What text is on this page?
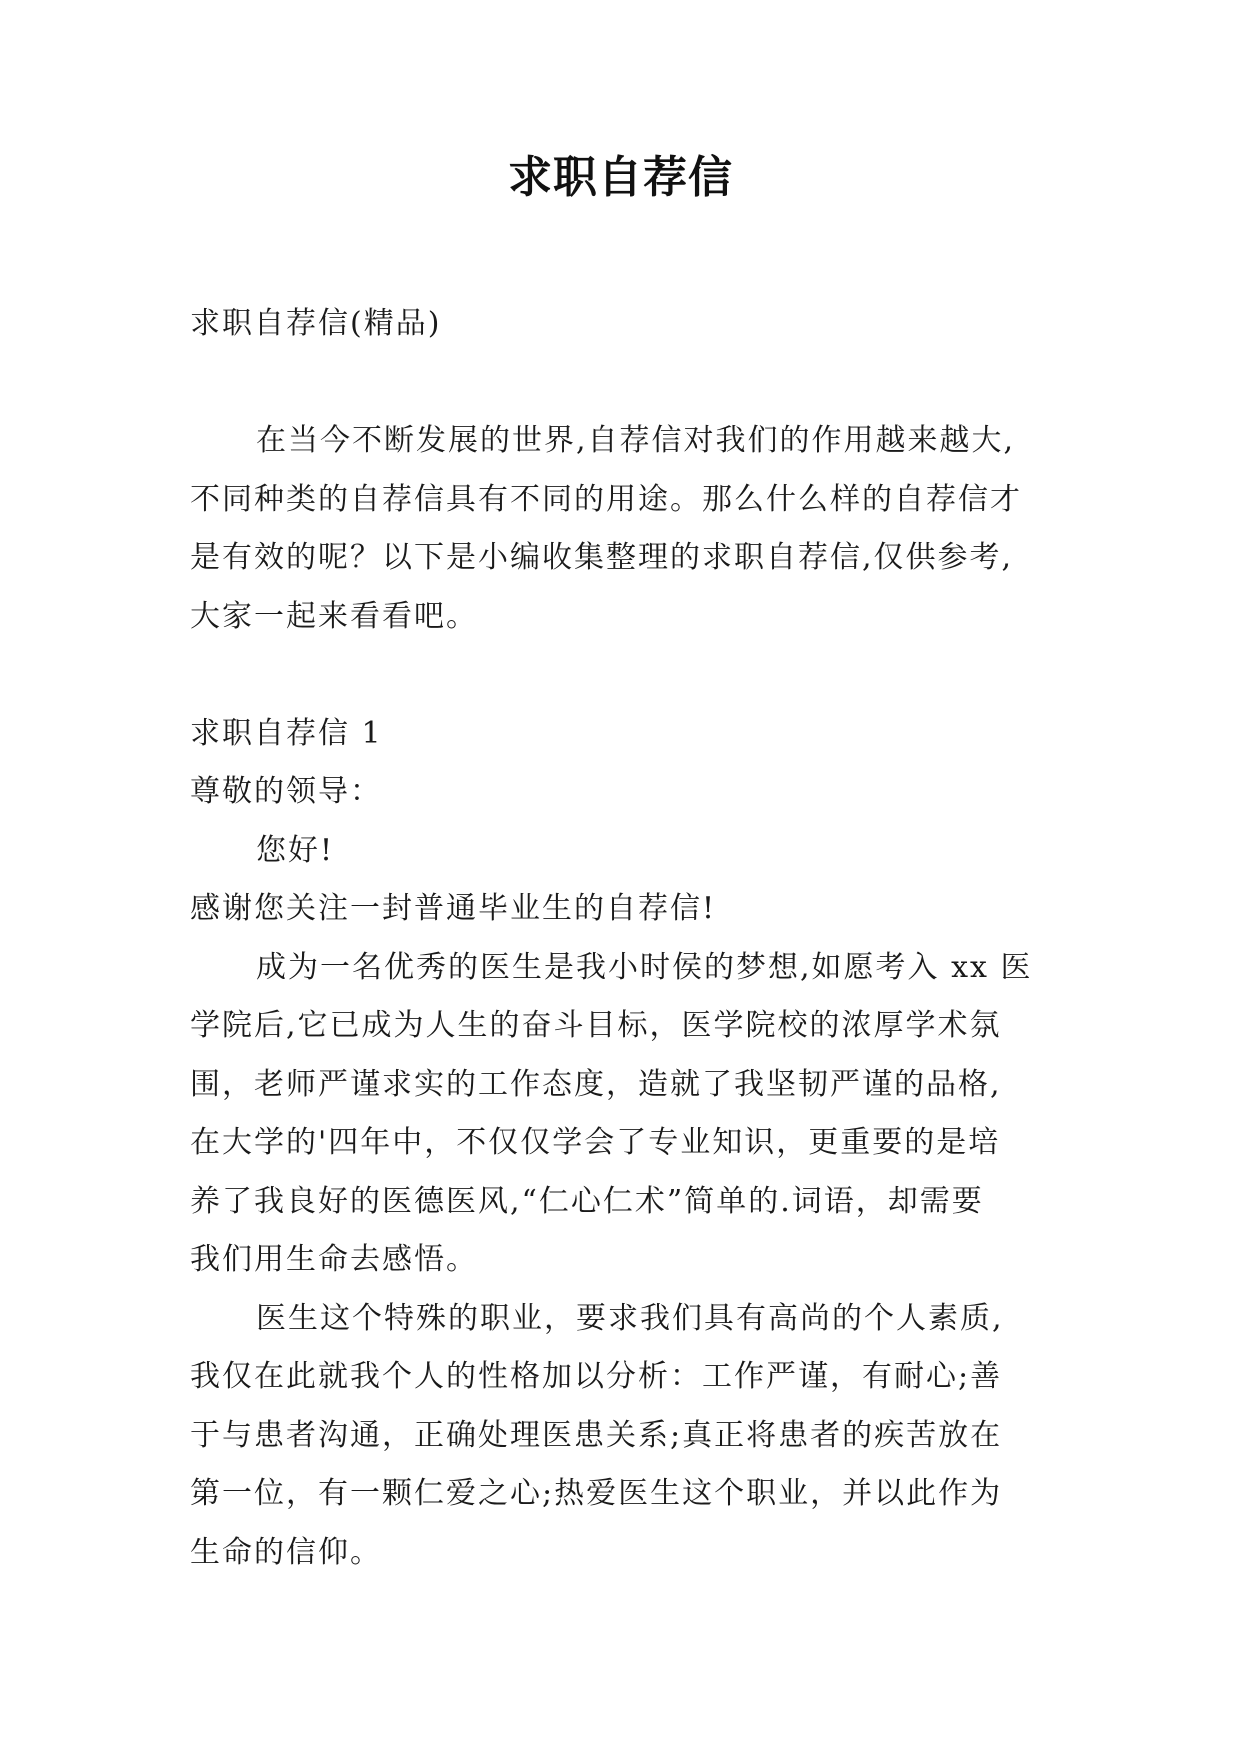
求职自荐信
求职自荐信(精品)
在当今不断发展的世界,自荐信对我们的作用越来越大,
不同种类的自荐信具有不同的用途。那么什么样的自荐信才
是有效的呢？以下是小编收集整理的求职自荐信,仅供参考,
大家一起来看看吧。
求职自荐信 1
尊敬的领导：
您好!
感谢您关注一封普通毕业生的自荐信!
成为一名优秀的医生是我小时侯的梦想,如愿考入 xx 医
学院后,它已成为人生的奋斗目标，医学院校的浓厚学术氛
围，老师严谨求实的工作态度，造就了我坚韧严谨的品格,
在大学的'四年中，不仅仅学会了专业知识，更重要的是培
养了我良好的医德医风,“仁心仁术”简单的.词语，却需要
我们用生命去感悟。
医生这个特殊的职业，要求我们具有高尚的个人素质,
我仅在此就我个人的性格加以分析：工作严谨，有耐心;善
于与患者沟通，正确处理医患关系;真正将患者的疾苦放在
第一位，有一颗仁爱之心;热爱医生这个职业，并以此作为
生命的信仰。
